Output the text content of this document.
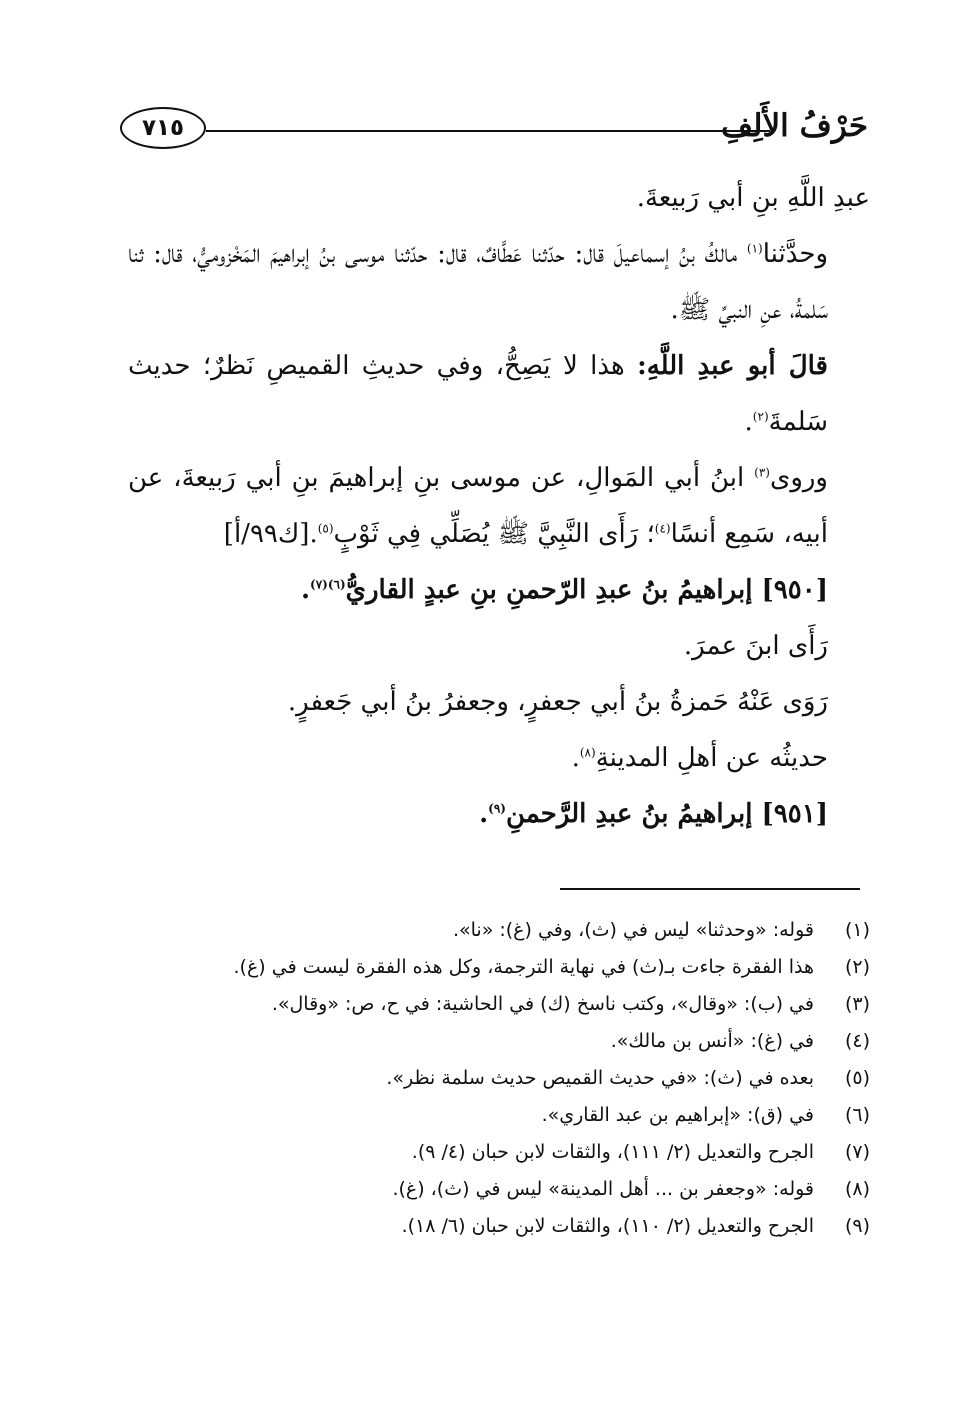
حَرْفُ الأَلِفِ
٧١٥

عبدِ اللَّهِ بنِ أبي رَبيعةَ.

وحدَّثنا$^{(١)}$ مالكُ بنُ إسماعيلَ قال: حدّثنا عَطَّافٌ، قال: حدّثنا موسى بنُ إبراهيمَ المَخْزوميُّ، قال: ثنا سَلمةُ، عنِ النبيِّ ﷺ.

قالَ أبو عبدِ اللَّهِ: هذا لا يَصِحُّ، وفي حديثِ القميصِ نَظرٌ؛ حديث سَلمةَ$^{(٢)}$.

وروى$^{(٣)}$ ابنُ أبي المَوالِ، عن موسى بنِ إبراهيمَ بنِ أبي رَبيعةَ، عن أبيه، سَمِع أنسًا$^{(٤)}$؛ رَأَى النَّبِيَّ ﷺ يُصَلِّي فِي ثَوْبٍ$^{(٥)}$.[ك٩٩/أ]

[٩٥٠] إبراهيمُ بنُ عبدِ الرّحمنِ بنِ عبدٍ القاريُّ$^{(٦)(٧)}$.

رَأَى ابنَ عمرَ.

رَوَى عَنْهُ حَمزةُ بنُ أبي جعفرٍ، وجعفرُ بنُ أبي جَعفرٍ.

حديثُه عن أهلِ المدينةِ$^{(٨)}$.

[٩٥١] إبراهيمُ بنُ عبدِ الرَّحمنِ$^{(٩)}$.

(١)
قوله: «وحدثنا» ليس في (ث)، وفي (غ): «نا».
(٢)
هذا الفقرة جاءت بـ(ث) في نهاية الترجمة، وكل هذه الفقرة ليست في (غ).
(٣)
في (ب): «وقال»، وكتب ناسخ (ك) في الحاشية: في ح، ص: «وقال».
(٤)
في (غ): «أنس بن مالك».
(٥)
بعده في (ث): «في حديث القميص حديث سلمة نظر».
(٦)
في (ق): «إبراهيم بن عبد القاري».
(٧)
الجرح والتعديل (٢/ ١١١)، والثقات لابن حبان (٤/ ٩).
(٨)
قوله: «وجعفر بن ... أهل المدينة» ليس في (ث)، (غ).
(٩)
الجرح والتعديل (٢/ ١١٠)، والثقات لابن حبان (٦/ ١٨).
